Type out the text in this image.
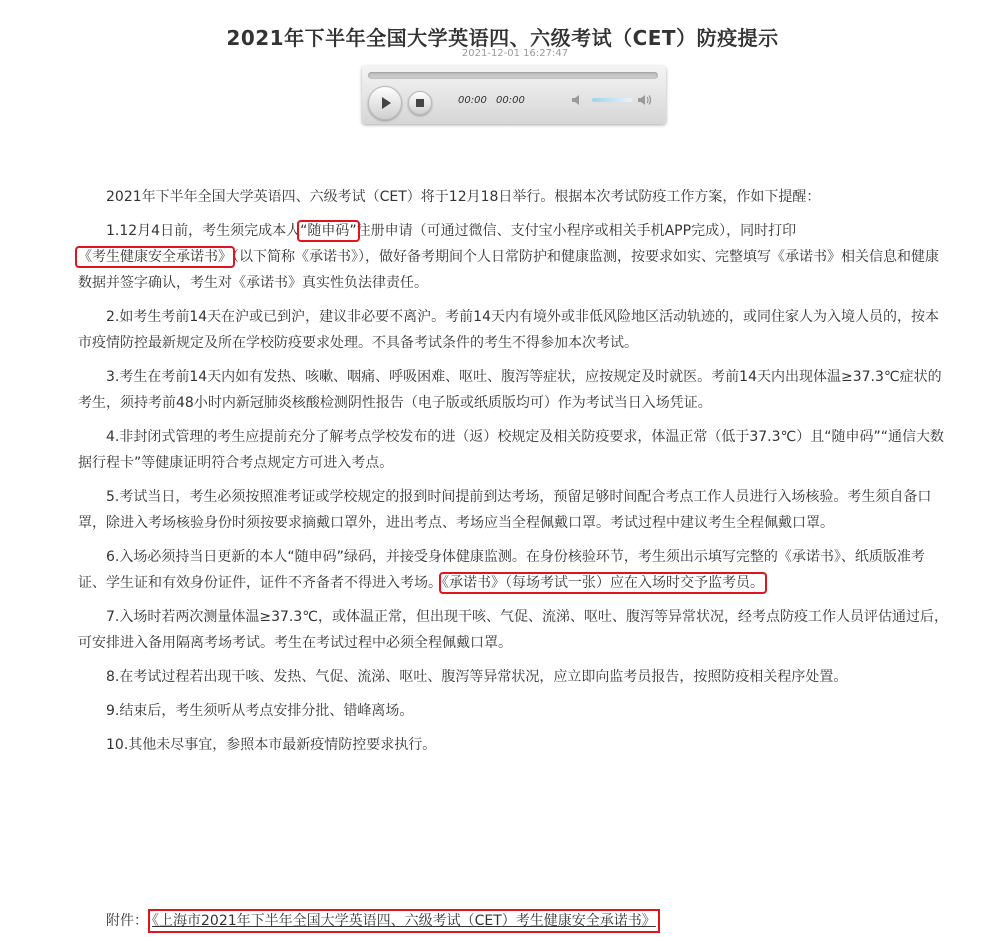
2021年下半年全国大学英语四、六级考试（CET）防疫提示
2021-12-01 16:27:47
00:00 00:00

2021年下半年全国大学英语四、六级考试（CET）将于12月18日举行。根据本次考试防疫工作方案，作如下提醒：

1.12月4日前，考生须完成本人“随申码”注册申请（可通过微信、支付宝小程序或相关手机APP完成），同时打印《考生健康安全承诺书》（以下简称《承诺书》），做好备考期间个人日常防护和健康监测，按要求如实、完整填写《承诺书》相关信息和健康数据并签字确认，考生对《承诺书》真实性负法律责任。

2.如考生考前14天在沪或已到沪，建议非必要不离沪。考前14天内有境外或非低风险地区活动轨迹的，或同住家人为入境人员的，按本市疫情防控最新规定及所在学校防疫要求处理。不具备考试条件的考生不得参加本次考试。

3.考生在考前14天内如有发热、咳嗽、咽痛、呼吸困难、呕吐、腹泻等症状，应按规定及时就医。考前14天内出现体温≥37.3℃症状的考生，须持考前48小时内新冠肺炎核酸检测阴性报告（电子版或纸质版均可）作为考试当日入场凭证。

4.非封闭式管理的考生应提前充分了解考点学校发布的进（返）校规定及相关防疫要求，体温正常（低于37.3℃）且“随申码”“通信大数据行程卡”等健康证明符合考点规定方可进入考点。

5.考试当日，考生必须按照准考证或学校规定的报到时间提前到达考场，预留足够时间配合考点工作人员进行入场核验。考生须自备口罩，除进入考场核验身份时须按要求摘戴口罩外，进出考点、考场应当全程佩戴口罩。考试过程中建议考生全程佩戴口罩。

6.入场必须持当日更新的本人“随申码”绿码，并接受身体健康监测。在身份核验环节，考生须出示填写完整的《承诺书》、纸质版准考证、学生证和有效身份证件，证件不齐备者不得进入考场。《承诺书》（每场考试一张）应在入场时交予监考员。

7.入场时若两次测量体温≥37.3℃，或体温正常，但出现干咳、气促、流涕、呕吐、腹泻等异常状况，经考点防疫工作人员评估通过后，可安排进入备用隔离考场考试。考生在考试过程中必须全程佩戴口罩。

8.在考试过程若出现干咳、发热、气促、流涕、呕吐、腹泻等异常状况，应立即向监考员报告，按照防疫相关程序处置。

9.结束后，考生须听从考点安排分批、错峰离场。

10.其他未尽事宜，参照本市最新疫情防控要求执行。

附件： 《上海市2021年下半年全国大学英语四、六级考试（CET）考生健康安全承诺书》
